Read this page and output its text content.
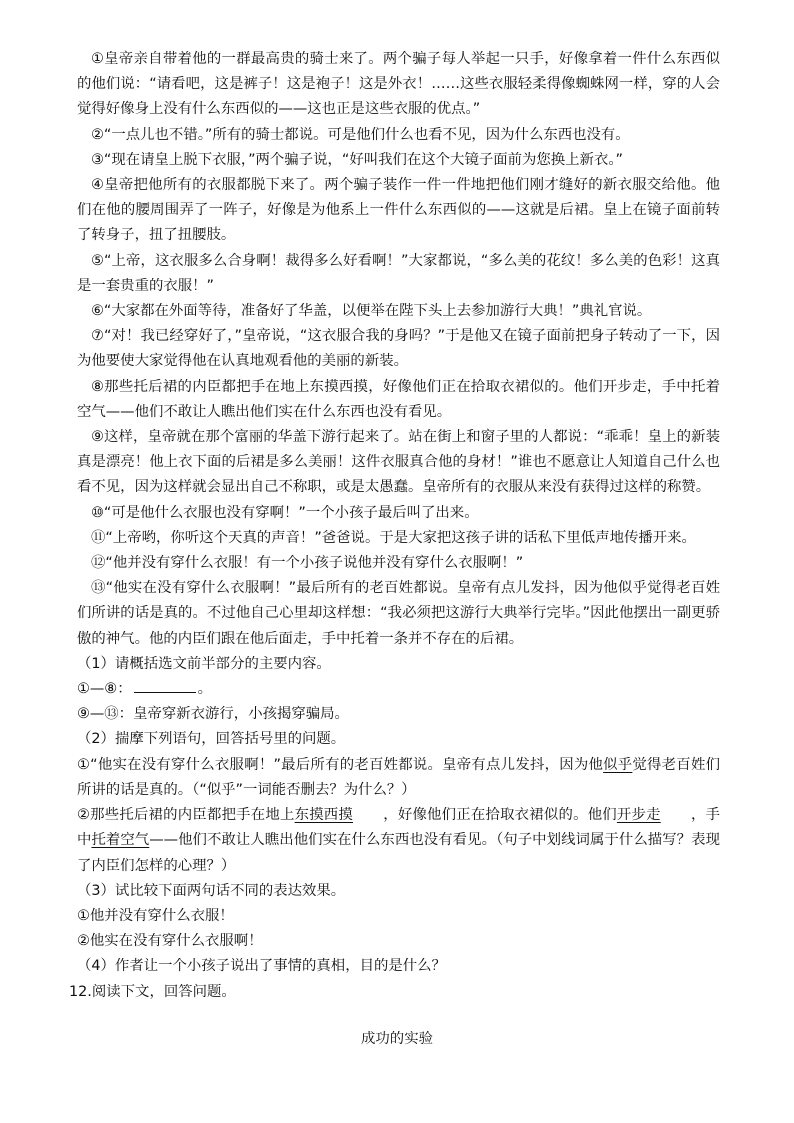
①皇帝亲自带着他的一群最高贵的骑士来了。两个骗子每人举起一只手，好像拿着一件什么东西似的他们说：“请看吧，这是裤子！这是袍子！这是外衣！……这些衣服轻柔得像蜘蛛网一样，穿的人会觉得好像身上没有什么东西似的——这也正是这些衣服的优点。”

②“一点儿也不错。”所有的骑士都说。可是他们什么也看不见，因为什么东西也没有。

③“现在请皇上脱下衣服，”两个骗子说，“好叫我们在这个大镜子面前为您换上新衣。”

④皇帝把他所有的衣服都脱下来了。两个骗子装作一件一件地把他们刚才缝好的新衣服交给他。他们在他的腰周围弄了一阵子，好像是为他系上一件什么东西似的——这就是后裙。皇上在镜子面前转了转身子，扭了扭腰肢。

⑤“上帝，这衣服多么合身啊！裁得多么好看啊！”大家都说，“多么美的花纹！多么美的色彩！这真是一套贵重的衣服！”

⑥“大家都在外面等待，准备好了华盖，以便举在陛下头上去参加游行大典！”典礼官说。

⑦“对！我已经穿好了，”皇帝说，“这衣服合我的身吗？”于是他又在镜子面前把身子转动了一下，因为他要使大家觉得他在认真地观看他的美丽的新装。

⑧那些托后裙的内臣都把手在地上东摸西摸，好像他们正在拾取衣裙似的。他们开步走，手中托着空气——他们不敢让人瞧出他们实在什么东西也没有看见。

⑨这样，皇帝就在那个富丽的华盖下游行起来了。站在街上和窗子里的人都说：“乖乖！皇上的新装真是漂亮！他上衣下面的后裙是多么美丽！这件衣服真合他的身材！”谁也不愿意让人知道自己什么也看不见，因为这样就会显出自己不称职，或是太愚蠢。皇帝所有的衣服从来没有获得过这样的称赞。

⑩“可是他什么衣服也没有穿啊！”一个小孩子最后叫了出来。

⑪“上帝哟，你听这个天真的声音！”爸爸说。于是大家把这孩子讲的话私下里低声地传播开来。

⑫“他并没有穿什么衣服！有一个小孩子说他并没有穿什么衣服啊！”

⑬“他实在没有穿什么衣服啊！”最后所有的老百姓都说。皇帝有点儿发抖，因为他似乎觉得老百姓们所讲的话是真的。不过他自己心里却这样想：“我必须把这游行大典举行完毕。”因此他摆出一副更骄傲的神气。他的内臣们跟在他后面走，手中托着一条并不存在的后裙。

（1）请概括选文前半部分的主要内容。

①—⑧：	。

⑨—⑬：皇帝穿新衣游行，小孩揭穿骗局。

（2）揣摩下列语句，回答括号里的问题。

①“他实在没有穿什么衣服啊！”最后所有的老百姓都说。皇帝有点儿发抖，因为他似乎觉得老百姓们所讲的话是真的。（“似乎”一词能否删去？为什么？）

②那些托后裙的内臣都把手在地上东摸西摸 ，好像他们正在拾取衣裙似的。他们开步走 ，手中托着空气——他们不敢让人瞧出他们实在什么东西也没有看见。（句子中划线词属于什么描写？表现了内臣们怎样的心理？）

（3）试比较下面两句话不同的表达效果。

①他并没有穿什么衣服！

②他实在没有穿什么衣服啊！

（4）作者让一个小孩子说出了事情的真相，目的是什么？

12.阅读下文，回答问题。

成功的实验
